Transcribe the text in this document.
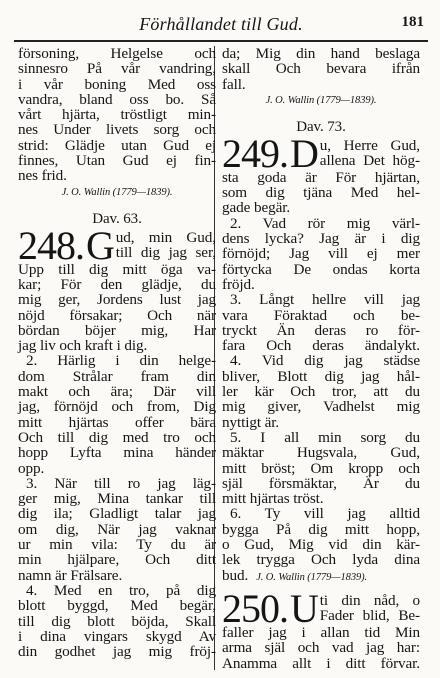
Förhållandet till Gud.	181
försoning, Helgelse och
sinnesro På vår vandring,
i vår boning Med oss
vandra, bland oss bo. Så
vårt hjärta, tröstligt min-
nes Under livets sorg och
strid: Glädje utan Gud ej
finnes, Utan Gud ej fin-
nes frid.
J. O. Wallin (1779—1839).
Dav. 63.
248. G ud, min Gud,
till dig jag ser,
Upp till dig mitt öga va-
kar; För den glädje, du
mig ger, Jordens lust jag
nöjd försakar; Och när
bördan böjer mig, Har
jag liv och kraft i dig.
2. Härlig i din helge-
dom Strålar fram din
makt och ära; Där vill
jag, förnöjd och from, Dig
mitt hjärtas offer bära
Och till dig med tro och
hopp Lyfta mina händer
opp.
3. När till ro jag läg-
ger mig, Mina tankar till
dig ila; Gladligt talar jag
om dig, När jag vaknar
ur min vila: Ty du är
min hjälpare, Och ditt
namn är Frälsare.
4. Med en tro, på dig
blott byggd, Med begär,
till dig blott böjda, Skall
i dina vingars skygd Av
din godhet jag mig fröj-
da; Mig din hand beslaga
skall Och bevara ifrån
fall.
J. O. Wallin (1779—1839).
Dav. 73.
249. D u, Herre Gud,
allena Det hög-
sta goda är För hjärtan,
som dig tjäna Med hel-
gade begär.
2. Vad rör mig värl-
dens lycka? Jag är i dig
förnöjd; Jag vill ej mer
förtycka De ondas korta
fröjd.
3. Långt hellre vill jag
vara Föraktad och be-
tryckt Än deras ro för-
fara Och deras ändalykt.
4. Vid dig jag städse
bliver, Blott dig jag hål-
ler kär Och tror, att du
mig giver, Vadhelst mig
nyttigt är.
5. I all min sorg du
mäktar Hugsvala, Gud,
mitt bröst; Om kropp och
själ försmäktar, Är du
mitt hjärtas tröst.
6. Ty vill jag alltid
bygga På dig mitt hopp,
o Gud, Mig vid din kär-
lek trygga Och lyda dina
bud. J. O. Wallin (1779—1839).
250. U ti din nåd, o
Fader blid, Be-
faller jag i allan tid Min
arma själ och vad jag har:
Anamma allt i ditt förvar.
